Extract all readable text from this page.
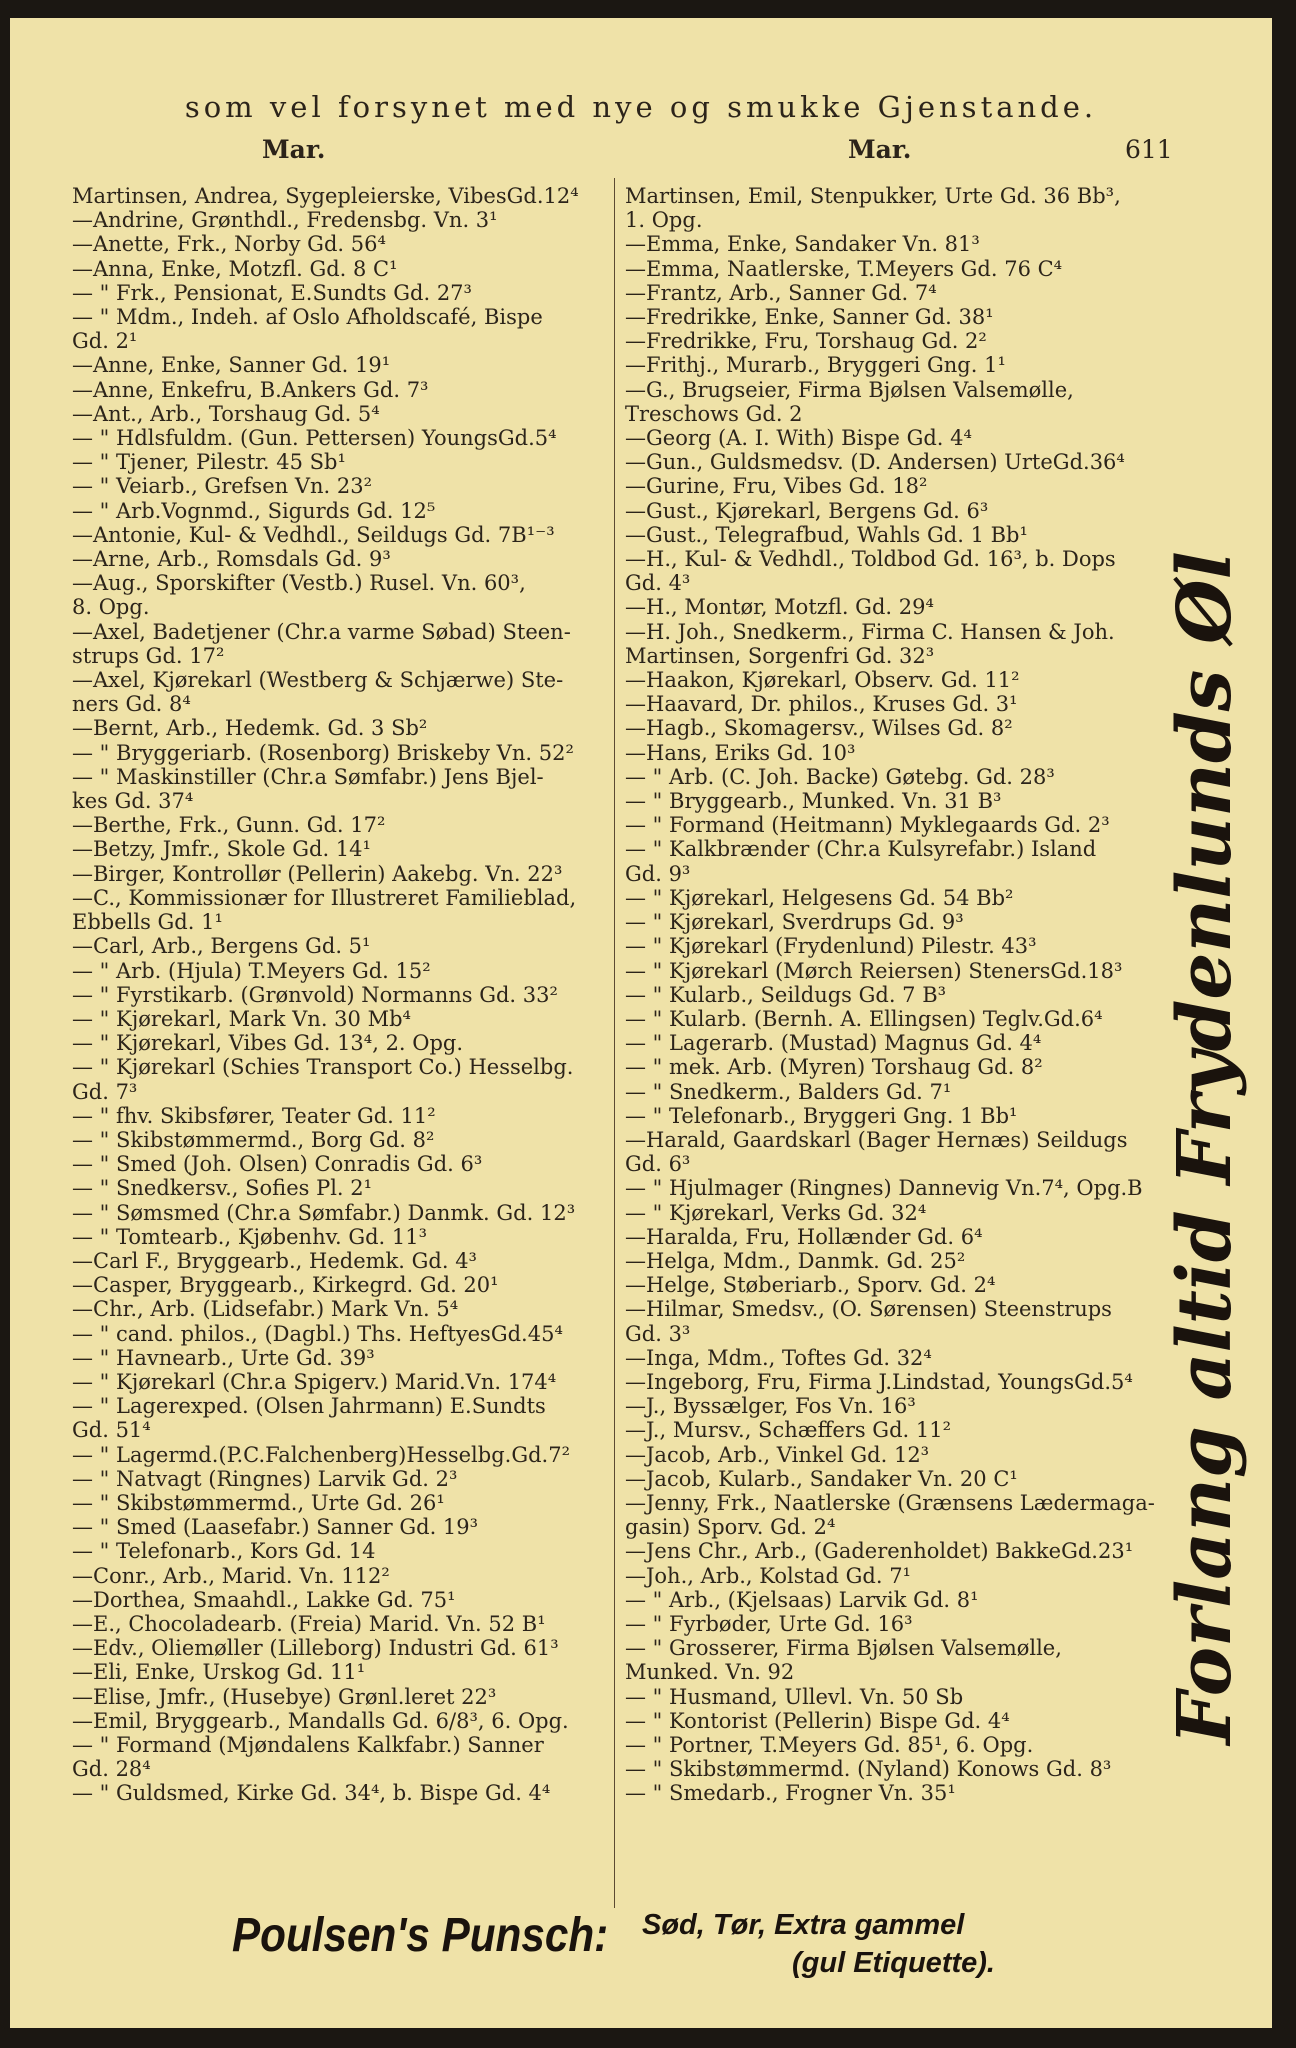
som vel forsynet med nye og smukke Gjenstande.
Mar.	Mar.	611
Martinsen, Andrea, Sygepleierske, VibesGd.12⁴
—Andrine, Grønthdl., Fredensbg. Vn. 3¹
—Anette, Frk., Norby Gd. 56⁴
—Anna, Enke, Motzfl. Gd. 8 C¹
— " Frk., Pensionat, E.Sundts Gd. 27³
— " Mdm., Indeh. af Oslo Afholdscafé, Bispe
Gd. 2¹
—Anne, Enke, Sanner Gd. 19¹
—Anne, Enkefru, B.Ankers Gd. 7³
—Ant., Arb., Torshaug Gd. 5⁴
— " Hdlsfuldm. (Gun. Pettersen) YoungsGd.5⁴
— " Tjener, Pilestr. 45 Sb¹
— " Veiarb., Grefsen Vn. 23²
— " Arb.Vognmd., Sigurds Gd. 12⁵
—Antonie, Kul- & Vedhdl., Seildugs Gd. 7B¹⁻³
—Arne, Arb., Romsdals Gd. 9³
—Aug., Sporskifter (Vestb.) Rusel. Vn. 60³,
8. Opg.
—Axel, Badetjener (Chr.a varme Søbad) Steen-
strups Gd. 17²
—Axel, Kjørekarl (Westberg & Schjærwe) Ste-
ners Gd. 8⁴
—Bernt, Arb., Hedemk. Gd. 3 Sb²
— " Bryggeriarb. (Rosenborg) Briskeby Vn. 52²
— " Maskinstiller (Chr.a Sømfabr.) Jens Bjel-
kes Gd. 37⁴
—Berthe, Frk., Gunn. Gd. 17²
—Betzy, Jmfr., Skole Gd. 14¹
—Birger, Kontrollør (Pellerin) Aakebg. Vn. 22³
—C., Kommissionær for Illustreret Familieblad,
Ebbells Gd. 1¹
—Carl, Arb., Bergens Gd. 5¹
— " Arb. (Hjula) T.Meyers Gd. 15²
— " Fyrstikarb. (Grønvold) Normanns Gd. 33²
— " Kjørekarl, Mark Vn. 30 Mb⁴
— " Kjørekarl, Vibes Gd. 13⁴, 2. Opg.
— " Kjørekarl (Schies Transport Co.) Hesselbg.
Gd. 7³
— " fhv. Skibsfører, Teater Gd. 11²
— " Skibstømmermd., Borg Gd. 8²
— " Smed (Joh. Olsen) Conradis Gd. 6³
— " Snedkersv., Sofies Pl. 2¹
— " Sømsmed (Chr.a Sømfabr.) Danmk. Gd. 12³
— " Tomtearb., Kjøbenhv. Gd. 11³
—Carl F., Bryggearb., Hedemk. Gd. 4³
—Casper, Bryggearb., Kirkegrd. Gd. 20¹
—Chr., Arb. (Lidsefabr.) Mark Vn. 5⁴
— " cand. philos., (Dagbl.) Ths. HeftyesGd.45⁴
— " Havnearb., Urte Gd. 39³
— " Kjørekarl (Chr.a Spigerv.) Marid.Vn. 174⁴
— " Lagerexped. (Olsen Jahrmann) E.Sundts
Gd. 51⁴
— " Lagermd.(P.C.Falchenberg)Hesselbg.Gd.7²
— " Natvagt (Ringnes) Larvik Gd. 2³
— " Skibstømmermd., Urte Gd. 26¹
— " Smed (Laasefabr.) Sanner Gd. 19³
— " Telefonarb., Kors Gd. 14
—Conr., Arb., Marid. Vn. 112²
—Dorthea, Smaahdl., Lakke Gd. 75¹
—E., Chocoladearb. (Freia) Marid. Vn. 52 B¹
—Edv., Oliemøller (Lilleborg) Industri Gd. 61³
—Eli, Enke, Urskog Gd. 11¹
—Elise, Jmfr., (Husebye) Grønl.leret 22³
—Emil, Bryggearb., Mandalls Gd. 6/8³, 6. Opg.
— " Formand (Mjøndalens Kalkfabr.) Sanner
Gd. 28⁴
— " Guldsmed, Kirke Gd. 34⁴, b. Bispe Gd. 4⁴
Martinsen, Emil, Stenpukker, Urte Gd. 36 Bb³,
1. Opg.
—Emma, Enke, Sandaker Vn. 81³
—Emma, Naatlerske, T.Meyers Gd. 76 C⁴
—Frantz, Arb., Sanner Gd. 7⁴
—Fredrikke, Enke, Sanner Gd. 38¹
—Fredrikke, Fru, Torshaug Gd. 2²
—Frithj., Murarb., Bryggeri Gng. 1¹
—G., Brugseier, Firma Bjølsen Valsemølle,
Treschows Gd. 2
—Georg (A. I. With) Bispe Gd. 4⁴
—Gun., Guldsmedsv. (D. Andersen) UrteGd.36⁴
—Gurine, Fru, Vibes Gd. 18²
—Gust., Kjørekarl, Bergens Gd. 6³
—Gust., Telegrafbud, Wahls Gd. 1 Bb¹
—H., Kul- & Vedhdl., Toldbod Gd. 16³, b. Dops
Gd. 4³
—H., Montør, Motzfl. Gd. 29⁴
—H. Joh., Snedkerm., Firma C. Hansen & Joh.
Martinsen, Sorgenfri Gd. 32³
—Haakon, Kjørekarl, Observ. Gd. 11²
—Haavard, Dr. philos., Kruses Gd. 3¹
—Hagb., Skomagersv., Wilses Gd. 8²
—Hans, Eriks Gd. 10³
— " Arb. (C. Joh. Backe) Gøtebg. Gd. 28³
— " Bryggearb., Munked. Vn. 31 B³
— " Formand (Heitmann) Myklegaards Gd. 2³
— " Kalkbrænder (Chr.a Kulsyrefabr.) Island
Gd. 9³
— " Kjørekarl, Helgesens Gd. 54 Bb²
— " Kjørekarl, Sverdrups Gd. 9³
— " Kjørekarl (Frydenlund) Pilestr. 43³
— " Kjørekarl (Mørch Reiersen) StenersGd.18³
— " Kularb., Seildugs Gd. 7 B³
— " Kularb. (Bernh. A. Ellingsen) Teglv.Gd.6⁴
— " Lagerarb. (Mustad) Magnus Gd. 4⁴
— " mek. Arb. (Myren) Torshaug Gd. 8²
— " Snedkerm., Balders Gd. 7¹
— " Telefonarb., Bryggeri Gng. 1 Bb¹
—Harald, Gaardskarl (Bager Hernæs) Seildugs
Gd. 6³
— " Hjulmager (Ringnes) Dannevig Vn.7⁴, Opg.B
— " Kjørekarl, Verks Gd. 32⁴
—Haralda, Fru, Hollænder Gd. 6⁴
—Helga, Mdm., Danmk. Gd. 25²
—Helge, Støberiarb., Sporv. Gd. 2⁴
—Hilmar, Smedsv., (O. Sørensen) Steenstrups
Gd. 3³
—Inga, Mdm., Toftes Gd. 32⁴
—Ingeborg, Fru, Firma J.Lindstad, YoungsGd.5⁴
—J., Byssælger, Fos Vn. 16³
—J., Mursv., Schæffers Gd. 11²
—Jacob, Arb., Vinkel Gd. 12³
—Jacob, Kularb., Sandaker Vn. 20 C¹
—Jenny, Frk., Naatlerske (Grænsens Lædermaga-
gasin) Sporv. Gd. 2⁴
—Jens Chr., Arb., (Gaderenholdet) BakkeGd.23¹
—Joh., Arb., Kolstad Gd. 7¹
— " Arb., (Kjelsaas) Larvik Gd. 8¹
— " Fyrbøder, Urte Gd. 16³
— " Grosserer, Firma Bjølsen Valsemølle,
Munked. Vn. 92
— " Husmand, Ullevl. Vn. 50 Sb
— " Kontorist (Pellerin) Bispe Gd. 4⁴
— " Portner, T.Meyers Gd. 85¹, 6. Opg.
— " Skibstømmermd. (Nyland) Konows Gd. 8³
— " Smedarb., Frogner Vn. 35¹
Forlang altid Frydenlunds Øl
Poulsen's Punsch: Sød, Tør, Extra gammel
(gul Etiquette).
